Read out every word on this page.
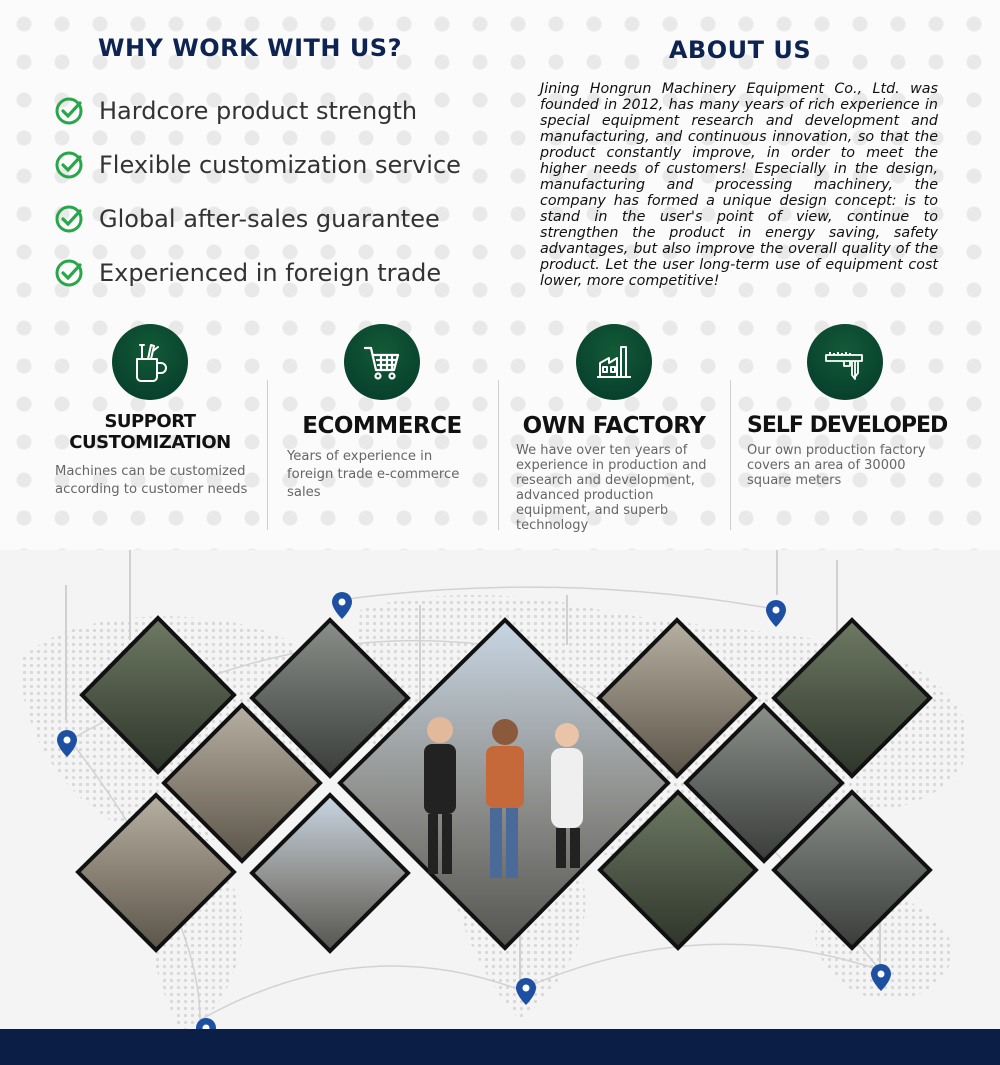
WHY WORK WITH US?
Hardcore product strength
Flexible customization service
Global after-sales guarantee
Experienced in foreign trade
ABOUT US

Jining Hongrun Machinery Equipment Co., Ltd. was founded in 2012, has many years of rich experience in special equipment research and development and manufacturing, and continuous innovation, so that the product constantly improve, in order to meet the higher needs of customers! Especially in the design, manufacturing and processing machinery, the company has formed a unique design concept: is to stand in the user's point of view, continue to strengthen the product in energy saving, safety advantages, but also improve the overall quality of the product. Let the user long-term use of equipment cost lower, more competitive!

SUPPORT
CUSTOMIZATION
Machines can be customized according to customer needs
ECOMMERCE
Years of experience in foreign trade e-commerce sales
OWN FACTORY
We have over ten years of experience in production and research and development, advanced production equipment, and superb technology
SELF DEVELOPED
Our own production factory covers an area of 30000 square meters
